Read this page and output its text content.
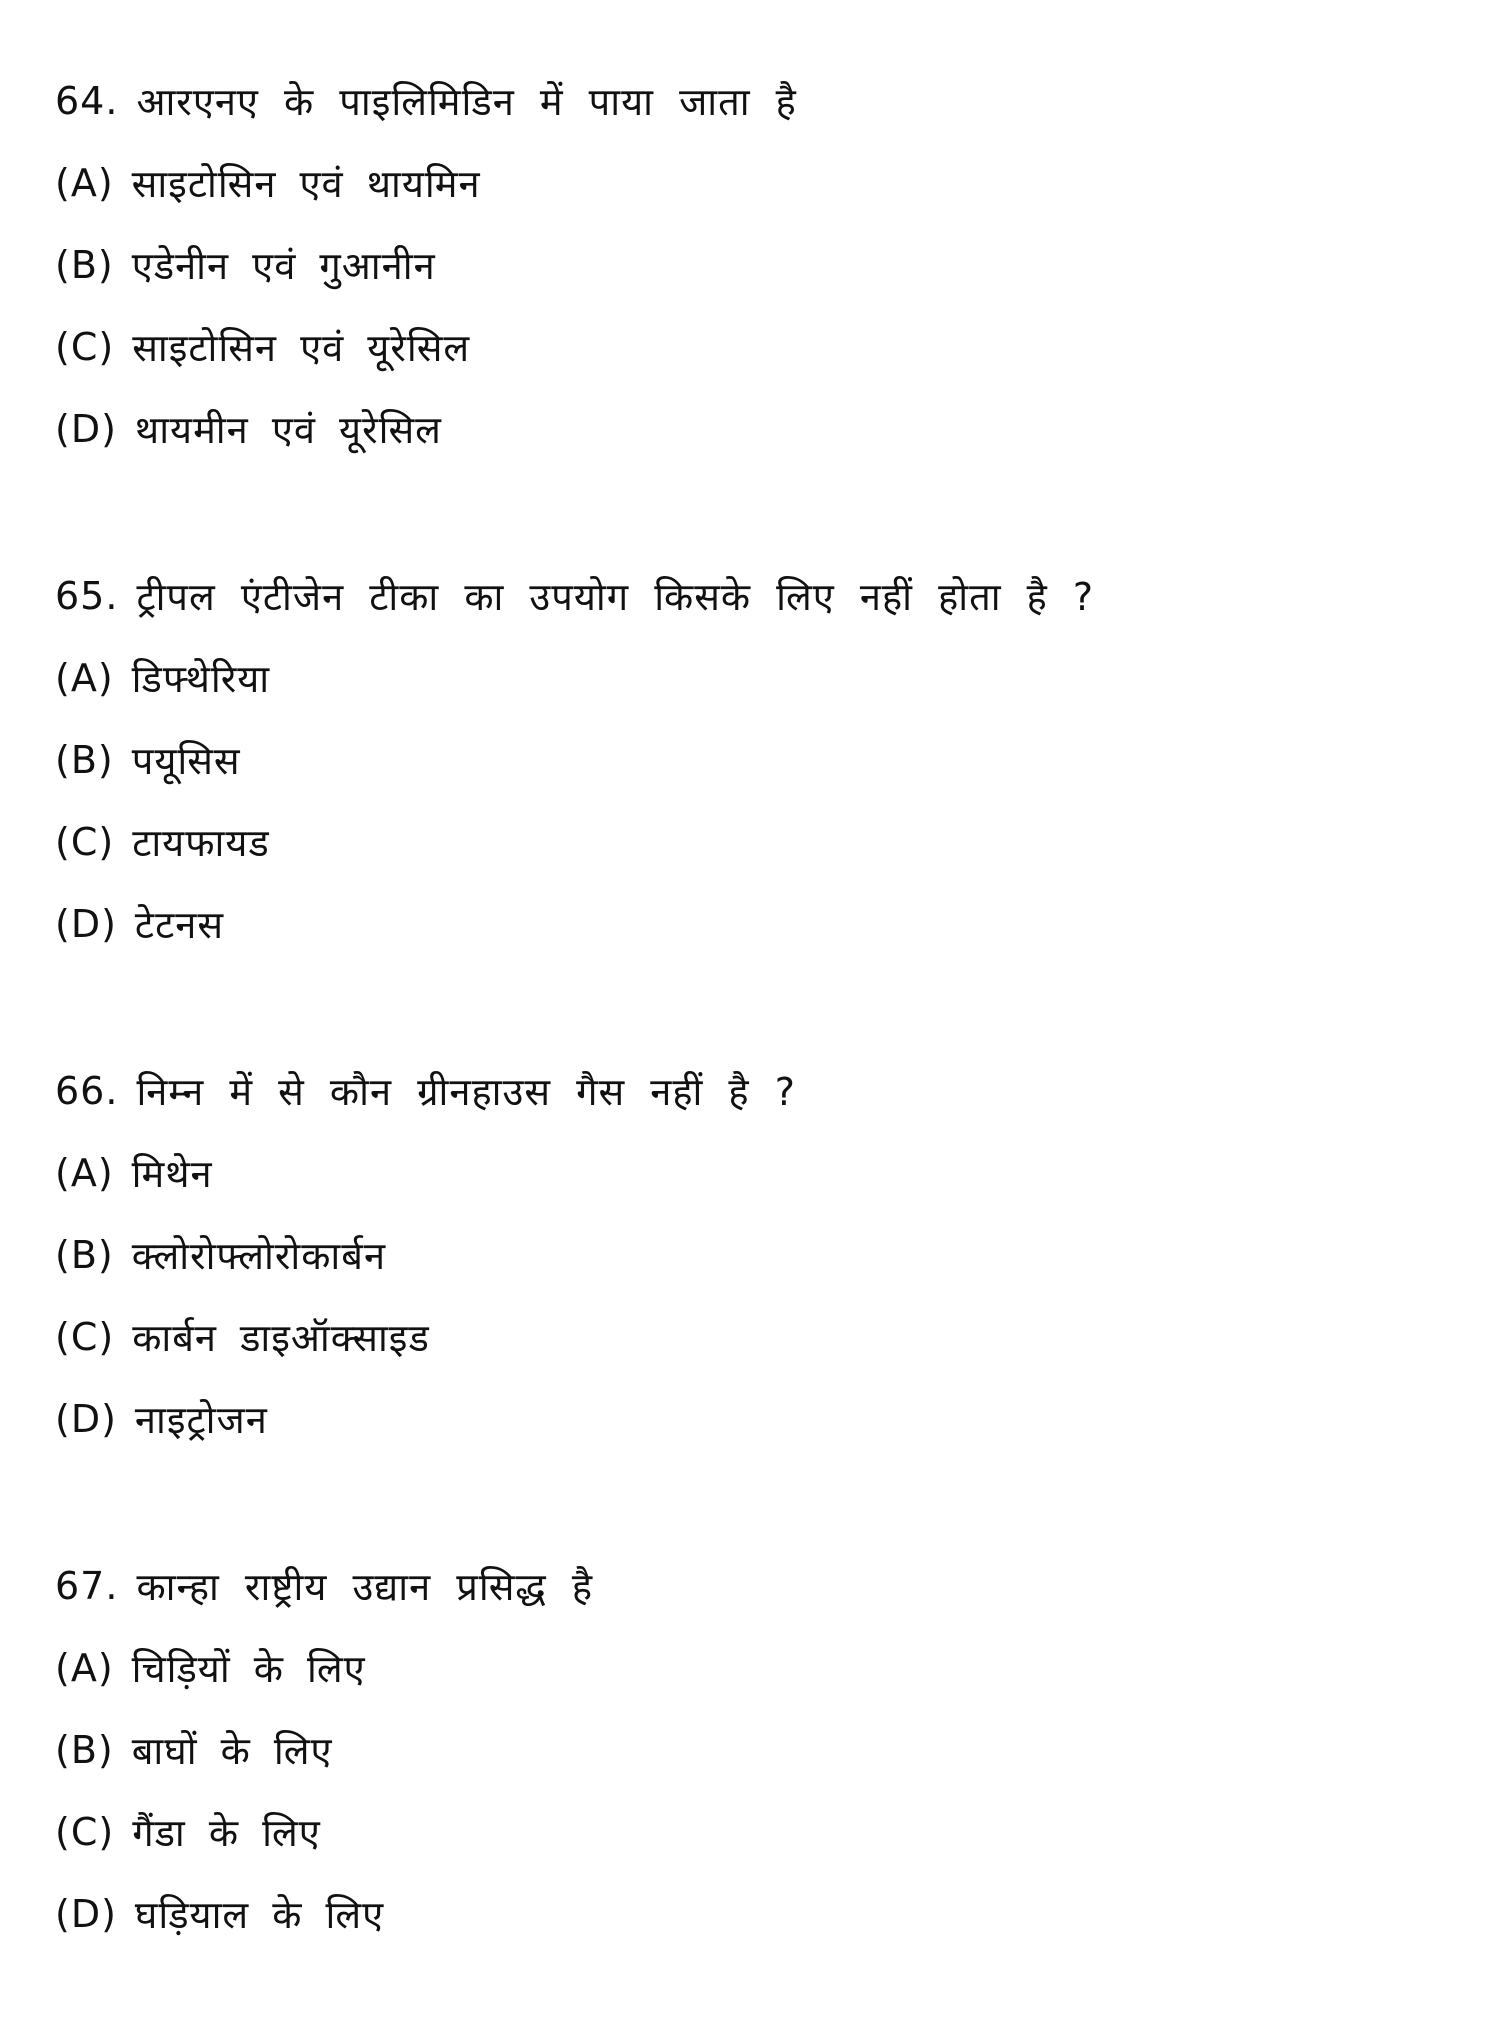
64. आरएनए के पाइलिमिडिन में पाया जाता है
(A) साइटोसिन एवं थायमिन
(B) एडेनीन एवं गुआनीन
(C) साइटोसिन एवं यूरेसिल
(D) थायमीन एवं यूरेसिल
65. ट्रीपल एंटीजेन टीका का उपयोग किसके लिए नहीं होता है ?
(A) डिफ्थेरिया
(B) पयूसिस
(C) टायफायड
(D) टेटनस
66. निम्न में से कौन ग्रीनहाउस गैस नहीं है ?
(A) मिथेन
(B) क्लोरोफ्लोरोकार्बन
(C) कार्बन डाइऑक्साइड
(D) नाइट्रोजन
67. कान्हा राष्ट्रीय उद्यान प्रसिद्ध है
(A) चिड़ियों के लिए
(B) बाघों के लिए
(C) गैंडा के लिए
(D) घड़ियाल के लिए
